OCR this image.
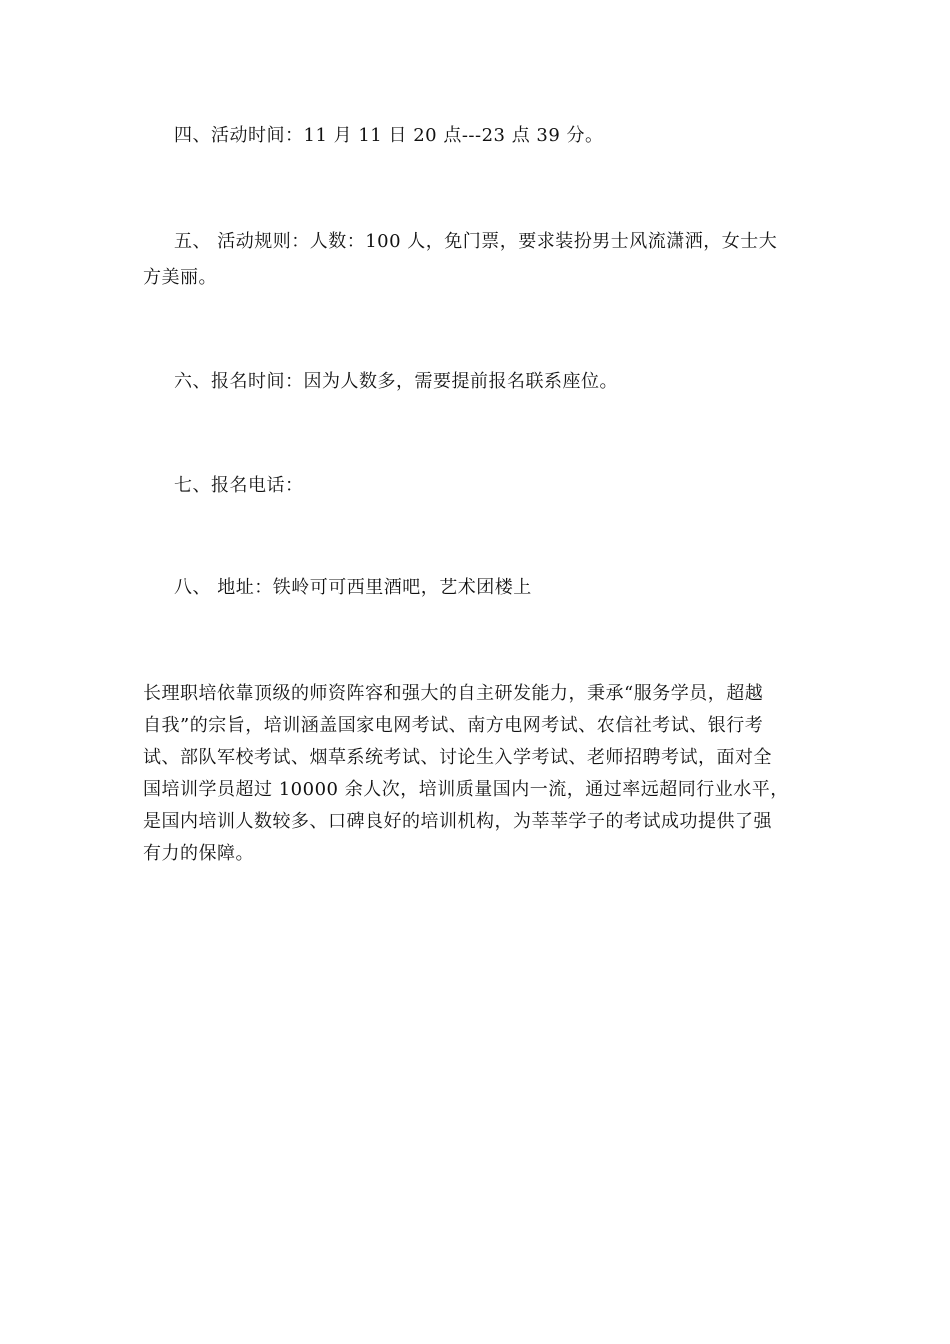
四、活动时间：11 月 11 日 20 点---23 点 39 分。
五、 活动规则：人数：100 人，免门票，要求装扮男士风流潇洒，女士大
方美丽。
六、报名时间：因为人数多，需要提前报名联系座位。
七、报名电话：
八、 地址：铁岭可可西里酒吧，艺术团楼上
长理职培依靠顶级的师资阵容和强大的自主研发能力，秉承“服务学员，超越
自我”的宗旨，培训涵盖国家电网考试、南方电网考试、农信社考试、银行考
试、部队军校考试、烟草系统考试、讨论生入学考试、老师招聘考试，面对全
国培训学员超过 10000 余人次，培训质量国内一流，通过率远超同行业水平，
是国内培训人数较多、口碑良好的培训机构，为莘莘学子的考试成功提供了强
有力的保障。
